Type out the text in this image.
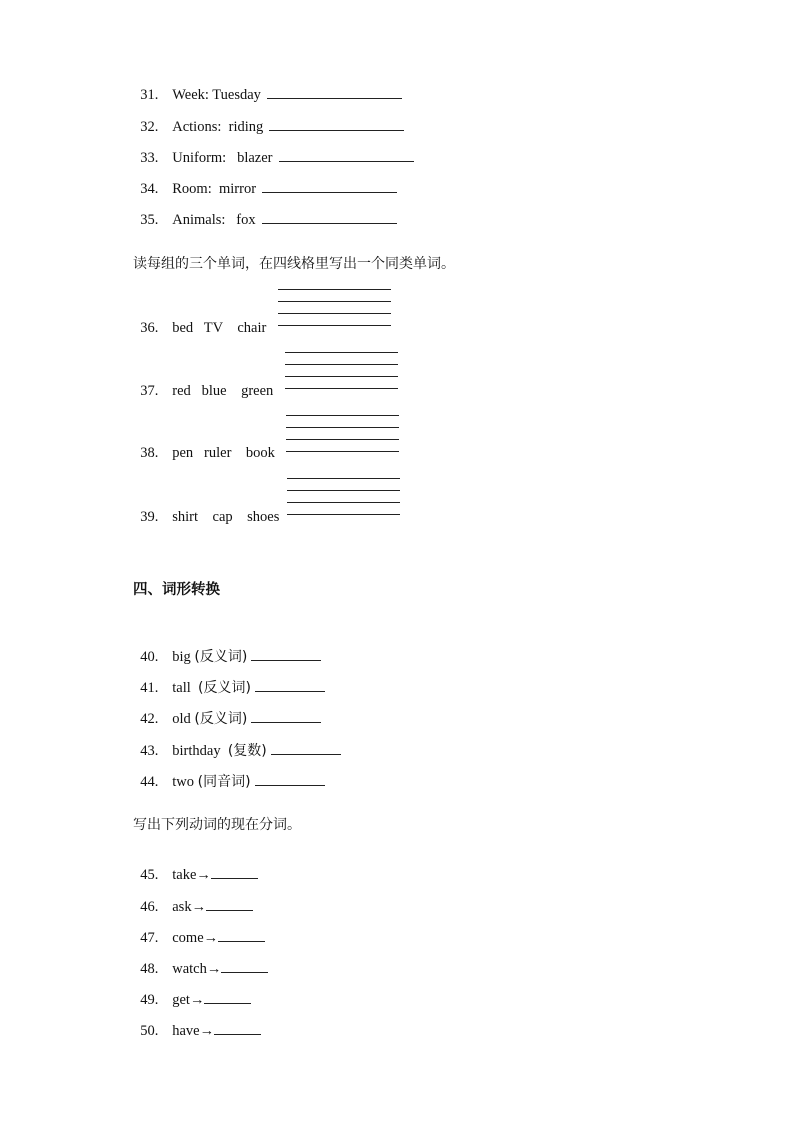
31. Week: Tuesday

32. Actions:  riding

33. Uniform:   blazer

34. Room:  mirror

35. Animals:   fox

读每组的三个单词，在四线格里写出一个同类单词。

36. bed   TV    chair

37. red   blue    green

38. pen   ruler    book

39. shirt    cap    shoes

四、词形转换

40. big (反义词)

41. tall (反义词)

42. old (反义词)

43. birthday (复数)

44. two (同音词)

写出下列动词的现在分词。

45. take→

46. ask→

47. come→

48. watch→

49. get→

50. have→
